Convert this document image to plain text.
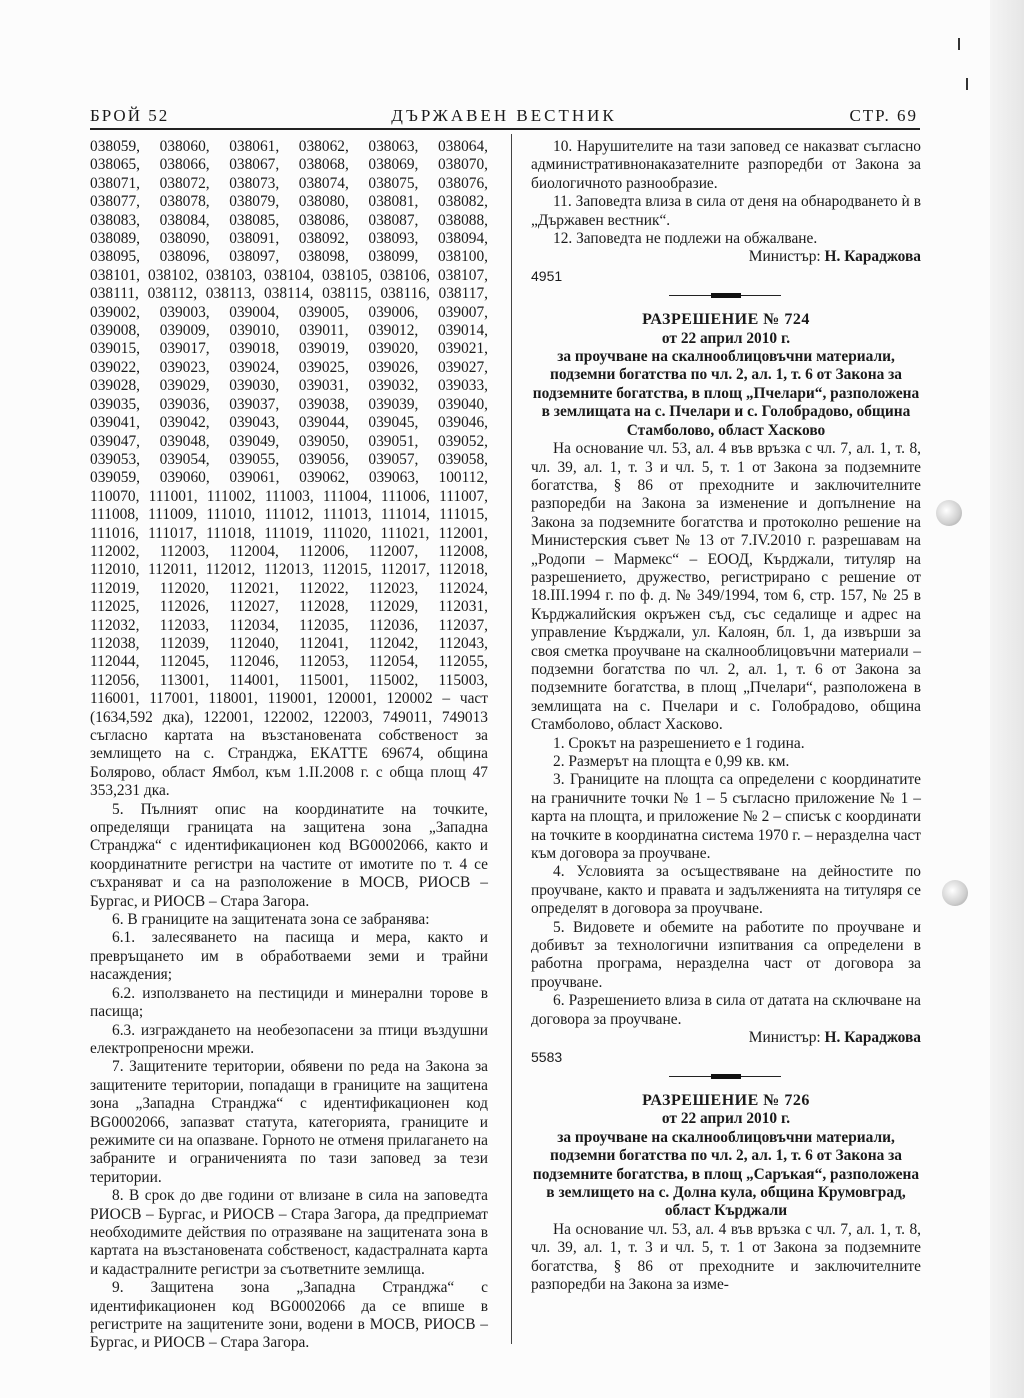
БРОЙ 52	ДЪРЖАВЕН ВЕСТНИК	СТР. 69

038059, 038060, 038061, 038062, 038063, 038064,

038065, 038066, 038067, 038068, 038069, 038070,

038071, 038072, 038073, 038074, 038075, 038076,

038077, 038078, 038079, 038080, 038081, 038082,

038083, 038084, 038085, 038086, 038087, 038088,

038089, 038090, 038091, 038092, 038093, 038094,

038095, 038096, 038097, 038098, 038099, 038100,

038101, 038102, 038103, 038104, 038105, 038106, 038107,

038111, 038112, 038113, 038114, 038115, 038116, 038117,

039002, 039003, 039004, 039005, 039006, 039007,

039008, 039009, 039010, 039011, 039012, 039014,

039015, 039017, 039018, 039019, 039020, 039021,

039022, 039023, 039024, 039025, 039026, 039027,

039028, 039029, 039030, 039031, 039032, 039033,

039035, 039036, 039037, 039038, 039039, 039040,

039041, 039042, 039043, 039044, 039045, 039046,

039047, 039048, 039049, 039050, 039051, 039052,

039053, 039054, 039055, 039056, 039057, 039058,

039059, 039060, 039061, 039062, 039063, 100112,

110070, 111001, 111002, 111003, 111004, 111006, 111007,

111008, 111009, 111010, 111012, 111013, 111014, 111015,

111016, 111017, 111018, 111019, 111020, 111021, 112001,

112002, 112003, 112004, 112006, 112007, 112008,

112010, 112011, 112012, 112013, 112015, 112017, 112018,

112019, 112020, 112021, 112022, 112023, 112024,

112025, 112026, 112027, 112028, 112029, 112031,

112032, 112033, 112034, 112035, 112036, 112037,

112038, 112039, 112040, 112041, 112042, 112043,

112044, 112045, 112046, 112053, 112054, 112055,

112056, 113001, 114001, 115001, 115002, 115003,

116001, 117001, 118001, 119001, 120001, 120002 – част

(1634,592 дка), 122001, 122002, 122003, 749011, 749013

съгласно картата на възстановената собственост за землището на с. Странджа, ЕКАТТЕ 69674, община Болярово, област Ямбол, към 1.II.2008 г. с обща площ 47 353,231 дка.

5. Пълният опис на координатите на точките, определящи границата на защитена зона „Западна Странджа“ с идентификационен код BG0002066, както и координатните регистри на частите от имотите по т. 4 се съхраняват и са на разположение в МОСВ, РИОСВ – Бургас, и РИОСВ – Стара Загора.

6. В границите на защитената зона се забранява:

6.1. залесяването на пасища и мера, както и превръщането им в обработваеми земи и трайни насаждения;

6.2. използването на пестициди и минерални торове в пасища;

6.3. изграждането на необезопасени за птици въздушни електропреносни мрежи.

7. Защитените територии, обявени по реда на Закона за защитените територии, попадащи в границите на защитена зона „Западна Странджа“ с идентификационен код BG0002066, запазват статута, категорията, границите и режимите си на опазване. Горното не отменя прилагането на забраните и ограниченията по тази заповед за тези територии.

8. В срок до две години от влизане в сила на заповедта РИОСВ – Бургас, и РИОСВ – Стара Загора, да предприемат необходимите действия по отразяване на защитената зона в картата на възстановената собственост, кадастралната карта и кадастралните регистри за съответните землища.

9. Защитена зона „Западна Странджа“ с идентификационен код BG0002066 да се впише в регистрите на защитените зони, водени в МОСВ, РИОСВ – Бургас, и РИОСВ – Стара Загора.

10. Нарушителите на тази заповед се наказват съгласно административнонаказателните разпоредби от Закона за биологичното разнообразие.

11. Заповедта влиза в сила от деня на обнародването ѝ в „Държавен вестник“.

12. Заповедта не подлежи на обжалване.

Министър: Н. Караджова

4951

РАЗРЕШЕНИЕ № 724

от 22 април 2010 г.

за проучване на скалнооблицовъчни материали, подземни богатства по чл. 2, ал. 1, т. 6 от Закона за подземните богатства, в площ „Пчелари“, разположена в землищата на с. Пчелари и с. Голобрадово, община Стамболово, област Хасково

На основание чл. 53, ал. 4 във връзка с чл. 7, ал. 1, т. 8, чл. 39, ал. 1, т. 3 и чл. 5, т. 1 от Закона за подземните богатства, § 86 от преходните и заключителните разпоредби на Закона за изменение и допълнение на Закона за подземните богатства и протоколно решение на Министерския съвет № 13 от 7.IV.2010 г. разрешавам на „Родопи – Мармекс“ – ЕООД, Кърджали, титуляр на разрешението, дружество, регистрирано с решение от 18.III.1994 г. по ф. д. № 349/1994, том 6, стр. 157, № 25 в Кърджалийския окръжен съд, със седалище и адрес на управление Кърджали, ул. Калоян, бл. 1, да извърши за своя сметка проучване на скалнооблицовъчни материали – подземни богатства по чл. 2, ал. 1, т. 6 от Закона за подземните богатства, в площ „Пчелари“, разположена в землищата на с. Пчелари и с. Голобрадово, община Стамболово, област Хасково.

1. Срокът на разрешението е 1 година.

2. Размерът на площта е 0,99 кв. км.

3. Границите на площта са определени с координатите на граничните точки № 1 – 5 съгласно приложение № 1 – карта на площта, и приложение № 2 – списък с координати на точките в координатна система 1970 г. – неразделна част към договора за проучване.

4. Условията за осъществяване на дейностите по проучване, както и правата и задълженията на титуляря се определят в договора за проучване.

5. Видовете и обемите на работите по проучване и добивът за технологични изпитвания са определени в работна програма, неразделна част от договора за проучване.

6. Разрешението влиза в сила от датата на сключване на договора за проучване.

Министър: Н. Караджова

5583

РАЗРЕШЕНИЕ № 726

от 22 април 2010 г.

за проучване на скалнооблицовъчни материали, подземни богатства по чл. 2, ал. 1, т. 6 от Закона за подземните богатства, в площ „Саръкая“, разположена в землището на с. Долна кула, община Крумовград, област Кърджали

На основание чл. 53, ал. 4 във връзка с чл. 7, ал. 1, т. 8, чл. 39, ал. 1, т. 3 и чл. 5, т. 1 от Закона за подземните богатства, § 86 от преходните и заключителните разпоредби на Закона за изме-
